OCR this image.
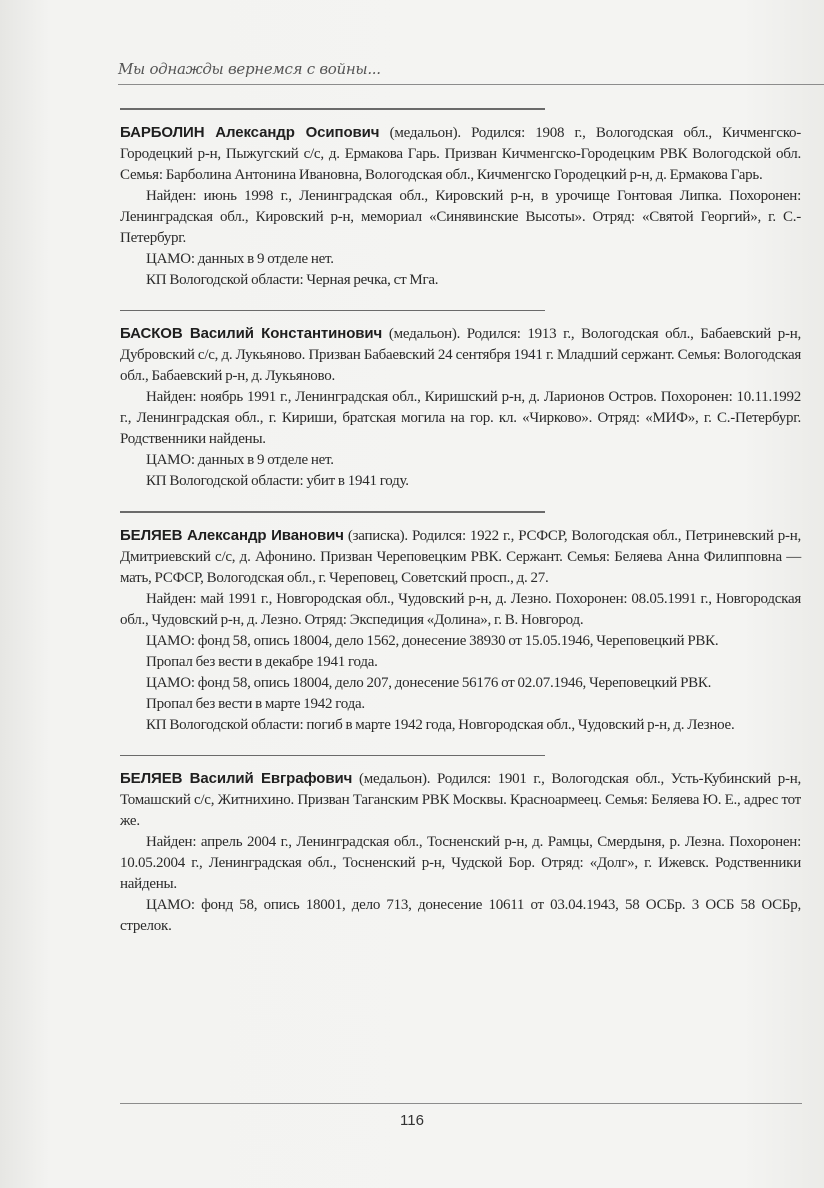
Мы однажды вернемся с войны...
БАРБОЛИН Александр Осипович (медальон). Родился: 1908 г., Вологодская обл., Кичменгско-Городецкий р-н, Пыжугский с/с, д. Ермакова Гарь. Призван Кичменгско-Городецким РВК Вологодской обл. Семья: Барболина Антонина Ивановна, Вологодская обл., Кичменгско Городецкий р-н, д. Ермакова Гарь.
Найден: июнь 1998 г., Ленинградская обл., Кировский р-н, в урочище Гонтовая Липка. Похоронен: Ленинградская обл., Кировский р-н, мемориал «Синявинские Высоты». Отряд: «Святой Георгий», г. С.-Петербург.
ЦАМО: данных в 9 отделе нет.
КП Вологодской области: Черная речка, ст Мга.
БАСКОВ Василий Константинович (медальон). Родился: 1913 г., Вологодская обл., Бабаевский р-н, Дубровский с/с, д. Лукьяново. Призван Бабаевский 24 сентября 1941 г. Младший сержант. Семья: Вологодская обл., Бабаевский р-н, д. Лукьяново.
Найден: ноябрь 1991 г., Ленинградская обл., Киришский р-н, д. Ларионов Остров. Похоронен: 10.11.1992 г., Ленинградская обл., г. Кириши, братская могила на гор. кл. «Чирково». Отряд: «МИФ», г. С.-Петербург. Родственники найдены.
ЦАМО: данных в 9 отделе нет.
КП Вологодской области: убит в 1941 году.
БЕЛЯЕВ Александр Иванович (записка). Родился: 1922 г., РСФСР, Вологодская обл., Петриневский р-н, Дмитриевский с/с, д. Афонино. Призван Череповецким РВК. Сержант. Семья: Беляева Анна Филипповна — мать, РСФСР, Вологодская обл., г. Череповец, Советский просп., д. 27.
Найден: май 1991 г., Новгородская обл., Чудовский р-н, д. Лезно. Похоронен: 08.05.1991 г., Новгородская обл., Чудовский р-н, д. Лезно. Отряд: Экспедиция «Долина», г. В. Новгород.
ЦАМО: фонд 58, опись 18004, дело 1562, донесение 38930 от 15.05.1946, Череповецкий РВК.
Пропал без вести в декабре 1941 года.
ЦАМО: фонд 58, опись 18004, дело 207, донесение 56176 от 02.07.1946, Череповецкий РВК.
Пропал без вести в марте 1942 года.
КП Вологодской области: погиб в марте 1942 года, Новгородская обл., Чудовский р-н, д. Лезное.
БЕЛЯЕВ Василий Евграфович (медальон). Родился: 1901 г., Вологодская обл., Усть-Кубинский р-н, Томашский с/с, Житнихино. Призван Таганским РВК Москвы. Красноармеец. Семья: Беляева Ю. Е., адрес тот же.
Найден: апрель 2004 г., Ленинградская обл., Тосненский р-н, д. Рамцы, Смердыня, р. Лезна. Похоронен: 10.05.2004 г., Ленинградская обл., Тосненский р-н, Чудской Бор. Отряд: «Долг», г. Ижевск. Родственники найдены.
ЦАМО: фонд 58, опись 18001, дело 713, донесение 10611 от 03.04.1943, 58 ОСБр. 3 ОСБ 58 ОСБр, стрелок.
116
